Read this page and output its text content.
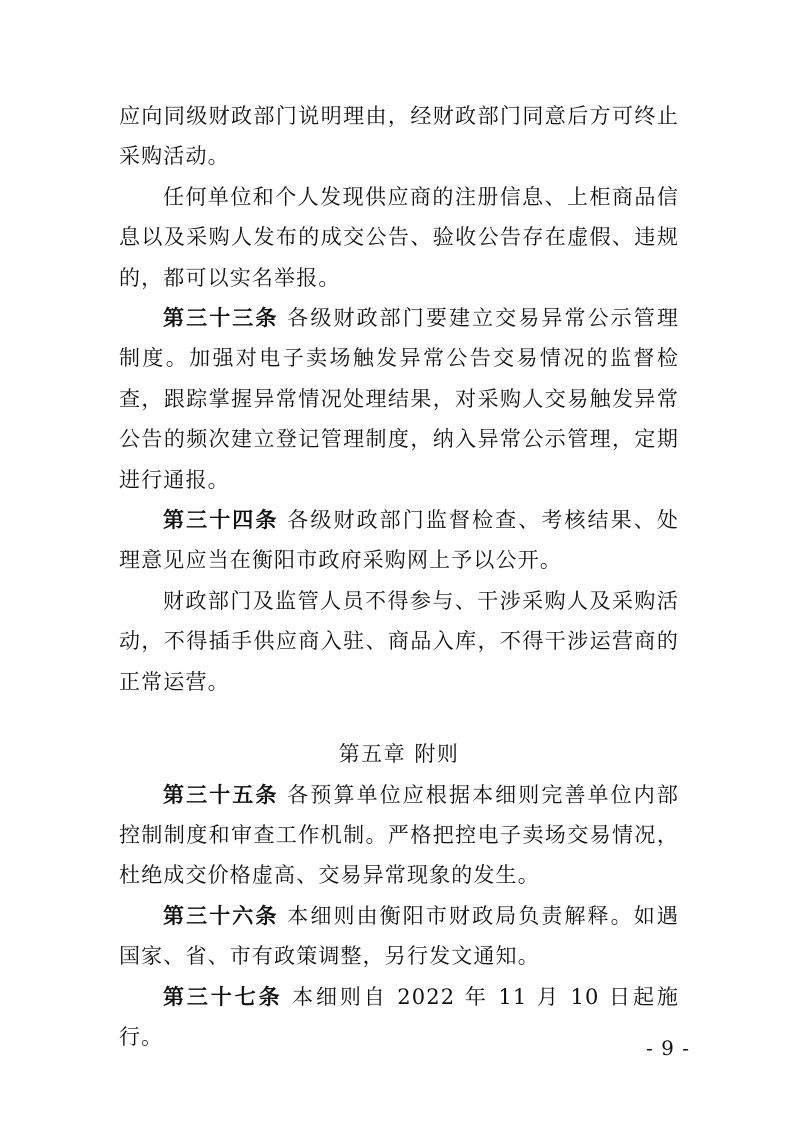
应向同级财政部门说明理由，经财政部门同意后方可终止采购活动。

任何单位和个人发现供应商的注册信息、上柜商品信息以及采购人发布的成交公告、验收公告存在虚假、违规的，都可以实名举报。

第三十三条 各级财政部门要建立交易异常公示管理制度。加强对电子卖场触发异常公告交易情况的监督检查，跟踪掌握异常情况处理结果，对采购人交易触发异常公告的频次建立登记管理制度，纳入异常公示管理，定期进行通报。

第三十四条 各级财政部门监督检查、考核结果、处理意见应当在衡阳市政府采购网上予以公开。

财政部门及监管人员不得参与、干涉采购人及采购活动，不得插手供应商入驻、商品入库，不得干涉运营商的正常运营。

第五章 附则

第三十五条 各预算单位应根据本细则完善单位内部控制制度和审查工作机制。严格把控电子卖场交易情况，杜绝成交价格虚高、交易异常现象的发生。

第三十六条 本细则由衡阳市财政局负责解释。如遇国家、省、市有政策调整，另行发文通知。

第三十七条 本细则自 2022 年 11 月 10 日起施行。	- 9 -
